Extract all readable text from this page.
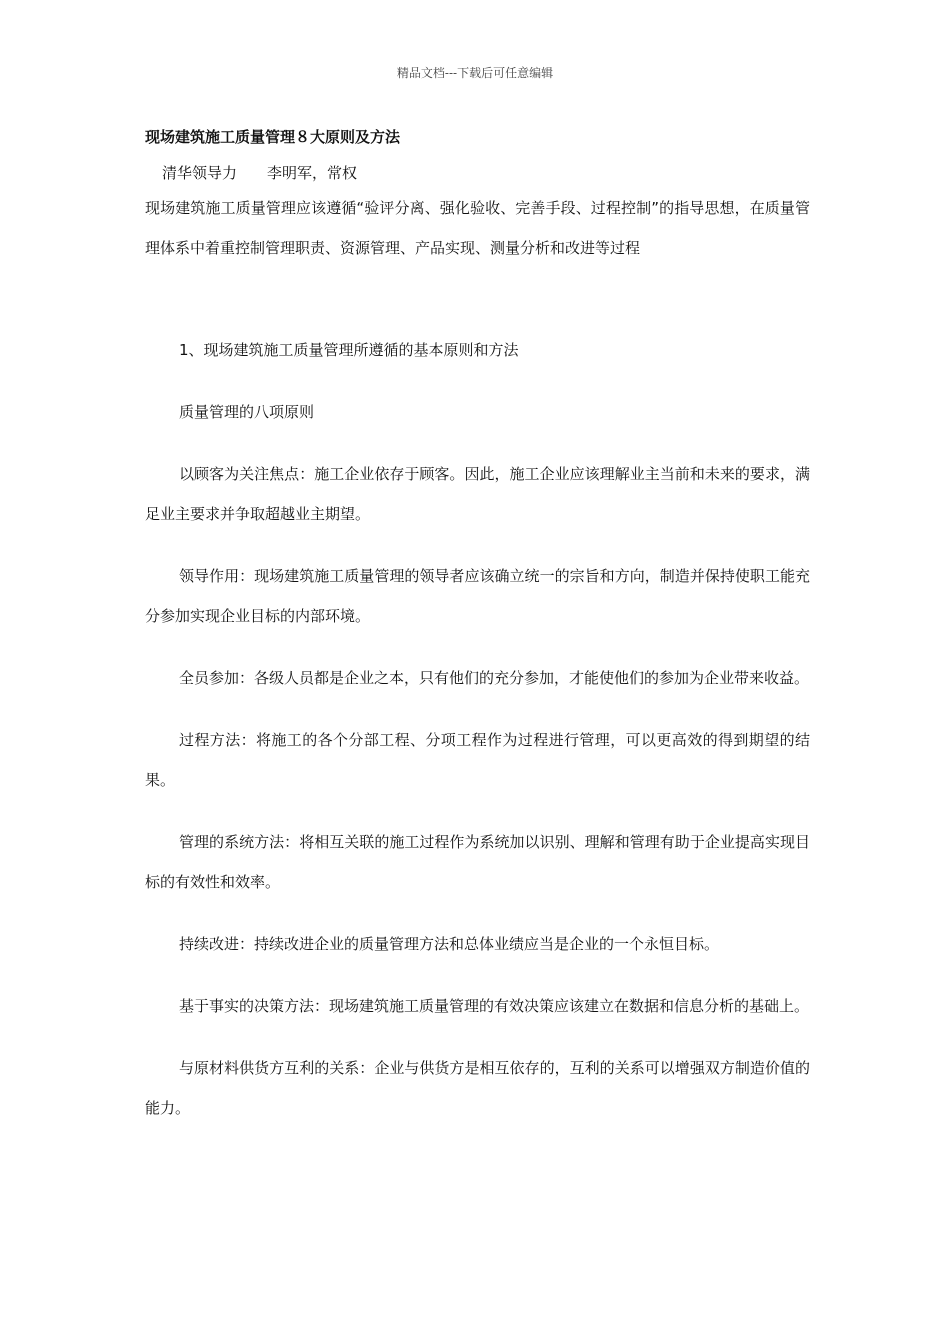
精品文档---下载后可任意编辑
现场建筑施工质量管理８大原则及方法
清华领导力　　李明军，常权

现场建筑施工质量管理应该遵循“验评分离、强化验收、完善手段、过程控制”的指导思想，在质量管理体系中着重控制管理职责、资源管理、产品实现、测量分析和改进等过程

1、现场建筑施工质量管理所遵循的基本原则和方法

质量管理的八项原则

以顾客为关注焦点：施工企业依存于顾客。因此，施工企业应该理解业主当前和未来的要求，满足业主要求并争取超越业主期望。

领导作用：现场建筑施工质量管理的领导者应该确立统一的宗旨和方向，制造并保持使职工能充分参加实现企业目标的内部环境。

全员参加：各级人员都是企业之本，只有他们的充分参加，才能使他们的参加为企业带来收益。

过程方法：将施工的各个分部工程、分项工程作为过程进行管理，可以更高效的得到期望的结果。

管理的系统方法：将相互关联的施工过程作为系统加以识别、理解和管理有助于企业提高实现目标的有效性和效率。

持续改进：持续改进企业的质量管理方法和总体业绩应当是企业的一个永恒目标。

基于事实的决策方法：现场建筑施工质量管理的有效决策应该建立在数据和信息分析的基础上。

与原材料供货方互利的关系：企业与供货方是相互依存的，互利的关系可以增强双方制造价值的能力。
